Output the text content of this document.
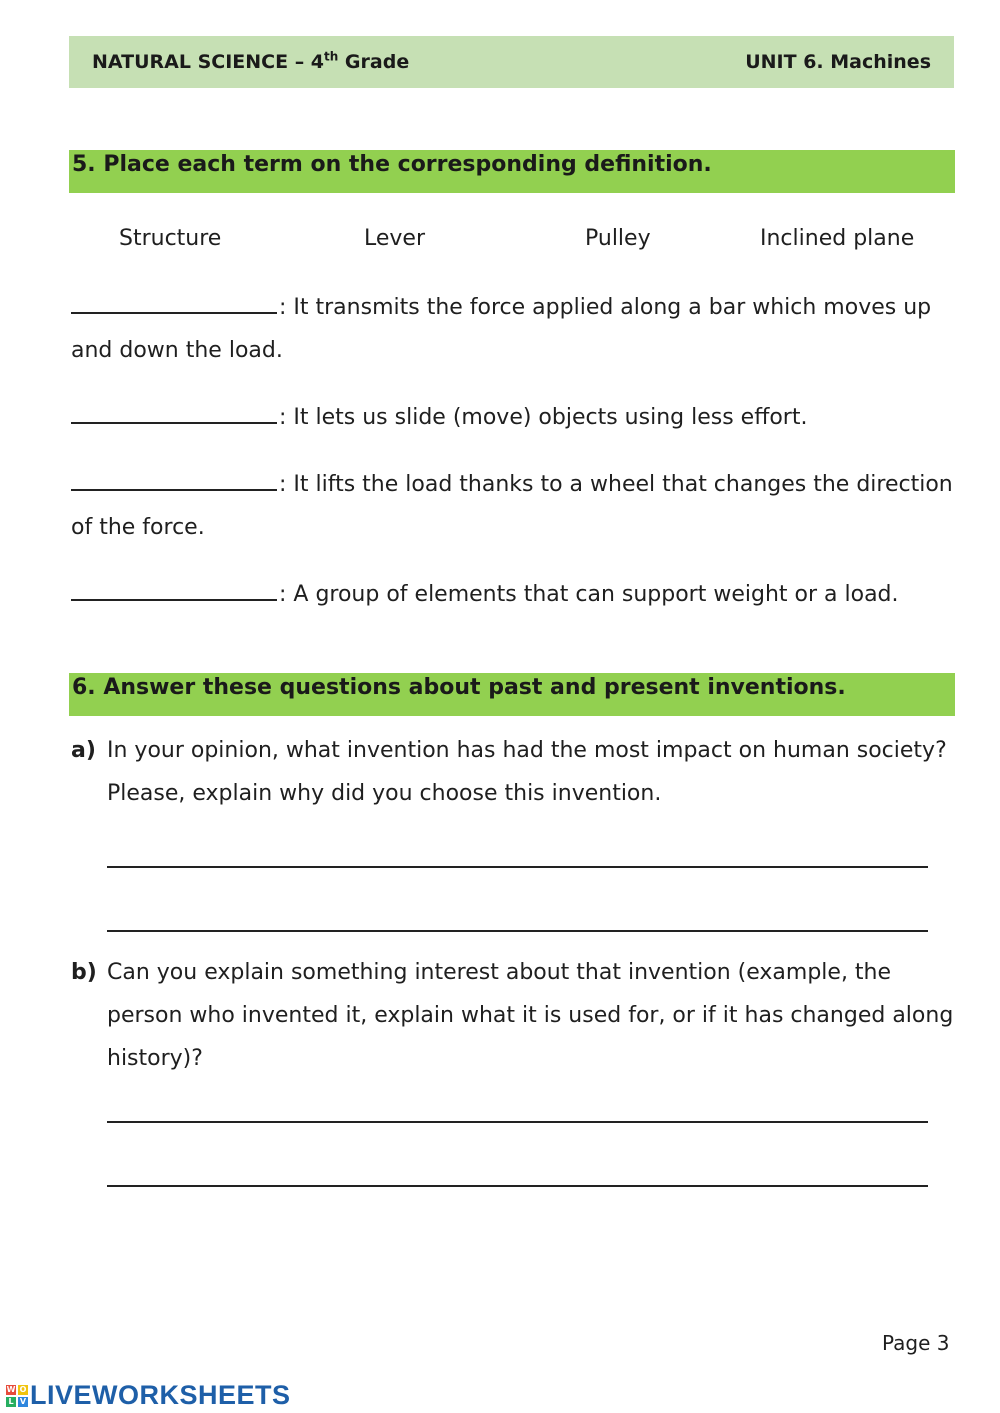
NATURAL SCIENCE – 4th Grade	UNIT 6. Machines
5. Place each term on the corresponding definition.
Structure	Lever	Pulley	Inclined plane
: It transmits the force applied along a bar which moves up and down the load.
: It lets us slide (move) objects using less effort.
: It lifts the load thanks to a wheel that changes the direction of the force.
: A group of elements that can support weight or a load.
6. Answer these questions about past and present inventions.
a) In your opinion, what invention has had the most impact on human society? Please, explain why did you choose this invention.
b) Can you explain something interest about that invention (example, the person who invented it, explain what it is used for, or if it has changed along history)?
Page 3
W O
L V LIVEWORKSHEETS
